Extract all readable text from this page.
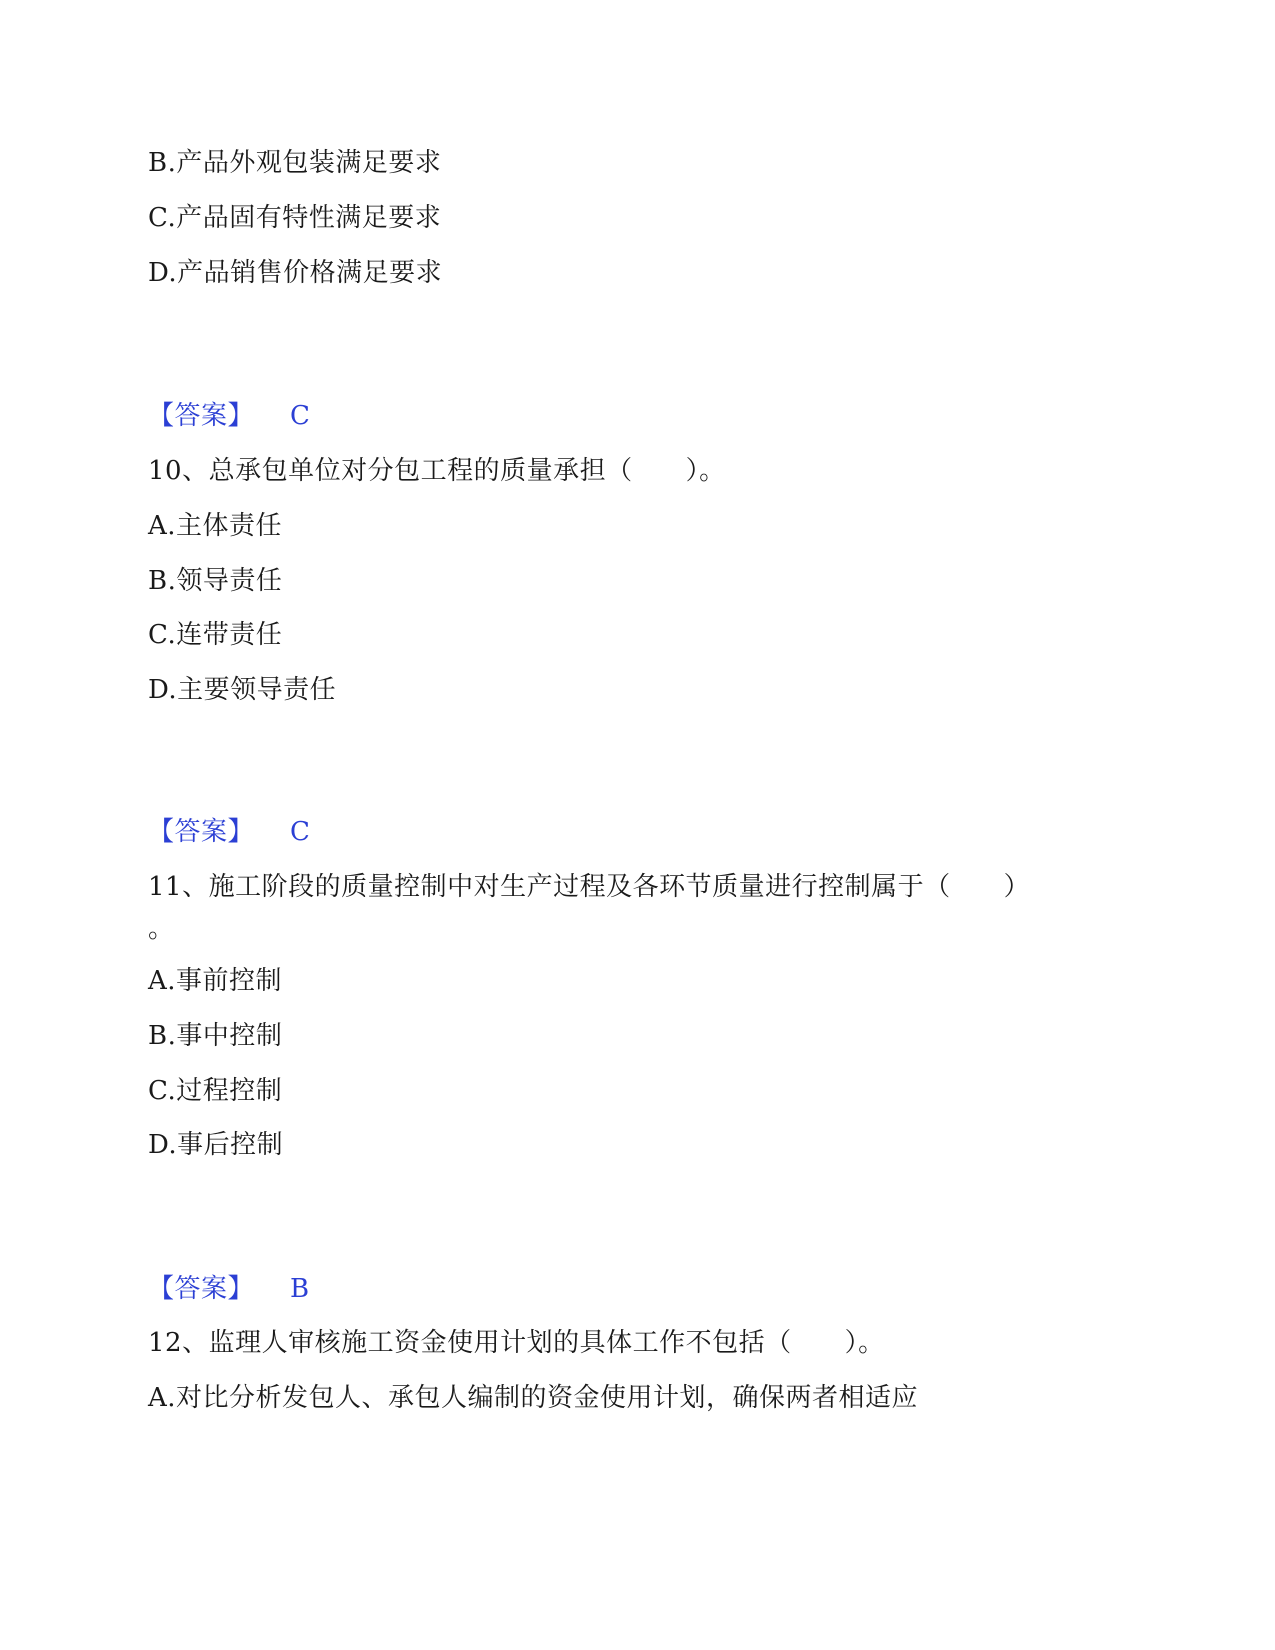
B.产品外观包装满足要求
C.产品固有特性满足要求
D.产品销售价格满足要求
【答案】 C
10、总承包单位对分包工程的质量承担（　　）。
A.主体责任
B.领导责任
C.连带责任
D.主要领导责任
【答案】 C
11、施工阶段的质量控制中对生产过程及各环节质量进行控制属于（　　）
。
A.事前控制
B.事中控制
C.过程控制
D.事后控制
【答案】 B
12、监理人审核施工资金使用计划的具体工作不包括（　　）。
A.对比分析发包人、承包人编制的资金使用计划，确保两者相适应
